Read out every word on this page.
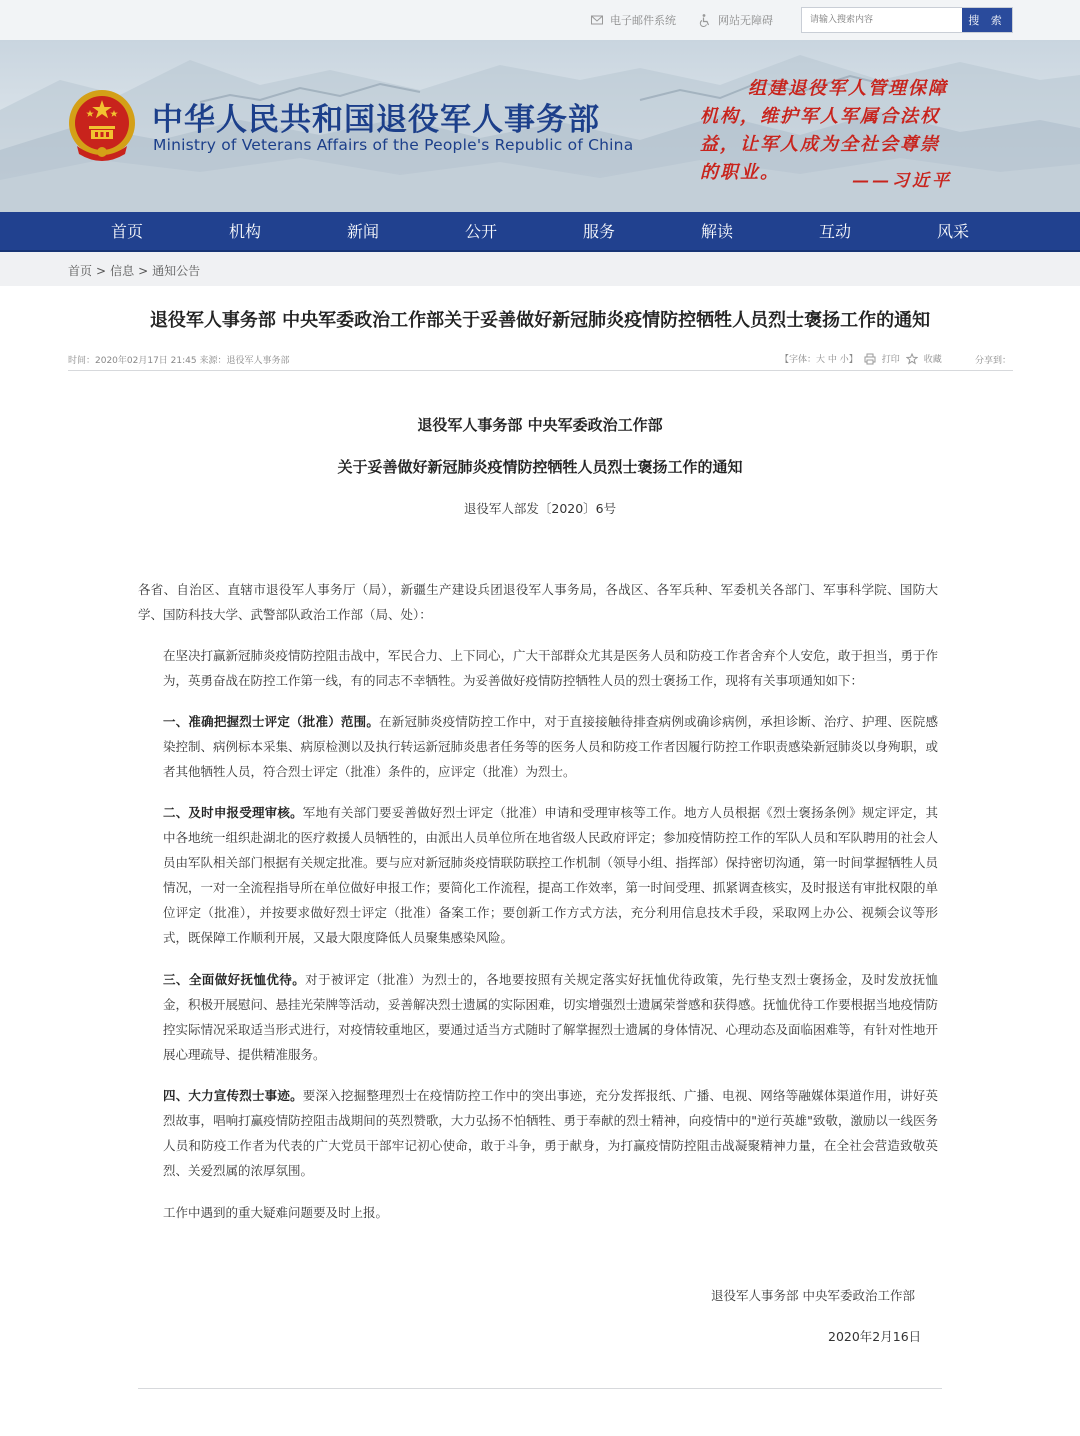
电子邮件系统	网站无障碍
请输入搜索内容	搜 索
中华人民共和国退役军人事务部
Ministry of Veterans Affairs of the People's Republic of China
组建退役军人管理保障
机构，维护军人军属合法权
益，让军人成为全社会尊崇
的职业。	——习近平
首页	机构	新闻	公开	服务	解读	互动	风采
首页 > 信息 > 通知公告
退役军人事务部 中央军委政治工作部关于妥善做好新冠肺炎疫情防控牺牲人员烈士褒扬工作的通知
时间：2020年02月17日 21:45 来源：退役军人事务部	【字体：大 中 小】	打印	收藏	分享到：
退役军人事务部 中央军委政治工作部
关于妥善做好新冠肺炎疫情防控牺牲人员烈士褒扬工作的通知
退役军人部发〔2020〕6号
各省、自治区、直辖市退役军人事务厅（局），新疆生产建设兵团退役军人事务局，各战区、各军兵种、军委机关各部门、军事科学院、国防大学、国防科技大学、武警部队政治工作部（局、处）：
在坚决打赢新冠肺炎疫情防控阻击战中，军民合力、上下同心，广大干部群众尤其是医务人员和防疫工作者舍弃个人安危，敢于担当，勇于作为，英勇奋战在防控工作第一线，有的同志不幸牺牲。为妥善做好疫情防控牺牲人员的烈士褒扬工作，现将有关事项通知如下：
一、准确把握烈士评定（批准）范围。在新冠肺炎疫情防控工作中，对于直接接触待排查病例或确诊病例，承担诊断、治疗、护理、医院感染控制、病例标本采集、病原检测以及执行转运新冠肺炎患者任务等的医务人员和防疫工作者因履行防控工作职责感染新冠肺炎以身殉职，或者其他牺牲人员，符合烈士评定（批准）条件的，应评定（批准）为烈士。
二、及时申报受理审核。军地有关部门要妥善做好烈士评定（批准）申请和受理审核等工作。地方人员根据《烈士褒扬条例》规定评定，其中各地统一组织赴湖北的医疗救援人员牺牲的，由派出人员单位所在地省级人民政府评定；参加疫情防控工作的军队人员和军队聘用的社会人员由军队相关部门根据有关规定批准。要与应对新冠肺炎疫情联防联控工作机制（领导小组、指挥部）保持密切沟通，第一时间掌握牺牲人员情况，一对一全流程指导所在单位做好申报工作；要简化工作流程，提高工作效率，第一时间受理、抓紧调查核实，及时报送有审批权限的单位评定（批准），并按要求做好烈士评定（批准）备案工作；要创新工作方式方法，充分利用信息技术手段，采取网上办公、视频会议等形式，既保障工作顺利开展，又最大限度降低人员聚集感染风险。
三、全面做好抚恤优待。对于被评定（批准）为烈士的，各地要按照有关规定落实好抚恤优待政策，先行垫支烈士褒扬金，及时发放抚恤金，积极开展慰问、悬挂光荣牌等活动，妥善解决烈士遗属的实际困难，切实增强烈士遗属荣誉感和获得感。抚恤优待工作要根据当地疫情防控实际情况采取适当形式进行，对疫情较重地区，要通过适当方式随时了解掌握烈士遗属的身体情况、心理动态及面临困难等，有针对性地开展心理疏导、提供精准服务。
四、大力宣传烈士事迹。要深入挖掘整理烈士在疫情防控工作中的突出事迹，充分发挥报纸、广播、电视、网络等融媒体渠道作用，讲好英烈故事，唱响打赢疫情防控阻击战期间的英烈赞歌，大力弘扬不怕牺牲、勇于奉献的烈士精神，向疫情中的"逆行英雄"致敬，激励以一线医务人员和防疫工作者为代表的广大党员干部牢记初心使命，敢于斗争，勇于献身，为打赢疫情防控阻击战凝聚精神力量，在全社会营造致敬英烈、关爱烈属的浓厚氛围。
工作中遇到的重大疑难问题要及时上报。
退役军人事务部 中央军委政治工作部
2020年2月16日
